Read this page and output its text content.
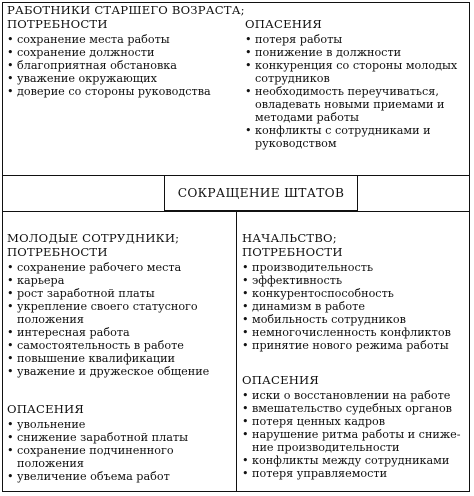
РАБОТНИКИ СТАРШЕГО ВОЗРАСТА;
ПОТРЕБНОСТИ
• сохранение места работы
• сохранение должности
• благоприятная обстановка
• уважение окружающих
• доверие со стороны руководства
ОПАСЕНИЯ
• потеря работы
• понижение в должности
• конкуренция со стороны молодых сотрудников
• необходимость переучиваться, овладевать новыми приемами и методами работы
• конфликты с сотрудниками и руководством
СОКРАЩЕНИЕ ШТАТОВ
МОЛОДЫЕ СОТРУДНИКИ;
ПОТРЕБНОСТИ
• сохранение рабочего места
• карьера
• рост заработной платы
• укрепление своего статусного положения
• интересная работа
• самостоятельность в работе
• повышение квалификации
• уважение и дружеское общение
ОПАСЕНИЯ
• увольнение
• снижение заработной платы
• сохранение подчиненного положения
• увеличение объема работ
НАЧАЛЬСТВО;
ПОТРЕБНОСТИ
• производительность
• эффективность
• конкурентоспособность
• динамизм в работе
• мобильность сотрудников
• немногочисленность конфликтов
• принятие нового режима работы
ОПАСЕНИЯ
• иски о восстановлении на работе
• вмешательство судебных органов
• потеря ценных кадров
• нарушение ритма работы и сниже-ние производительности
• конфликты между сотрудниками
• потеря управляемости
